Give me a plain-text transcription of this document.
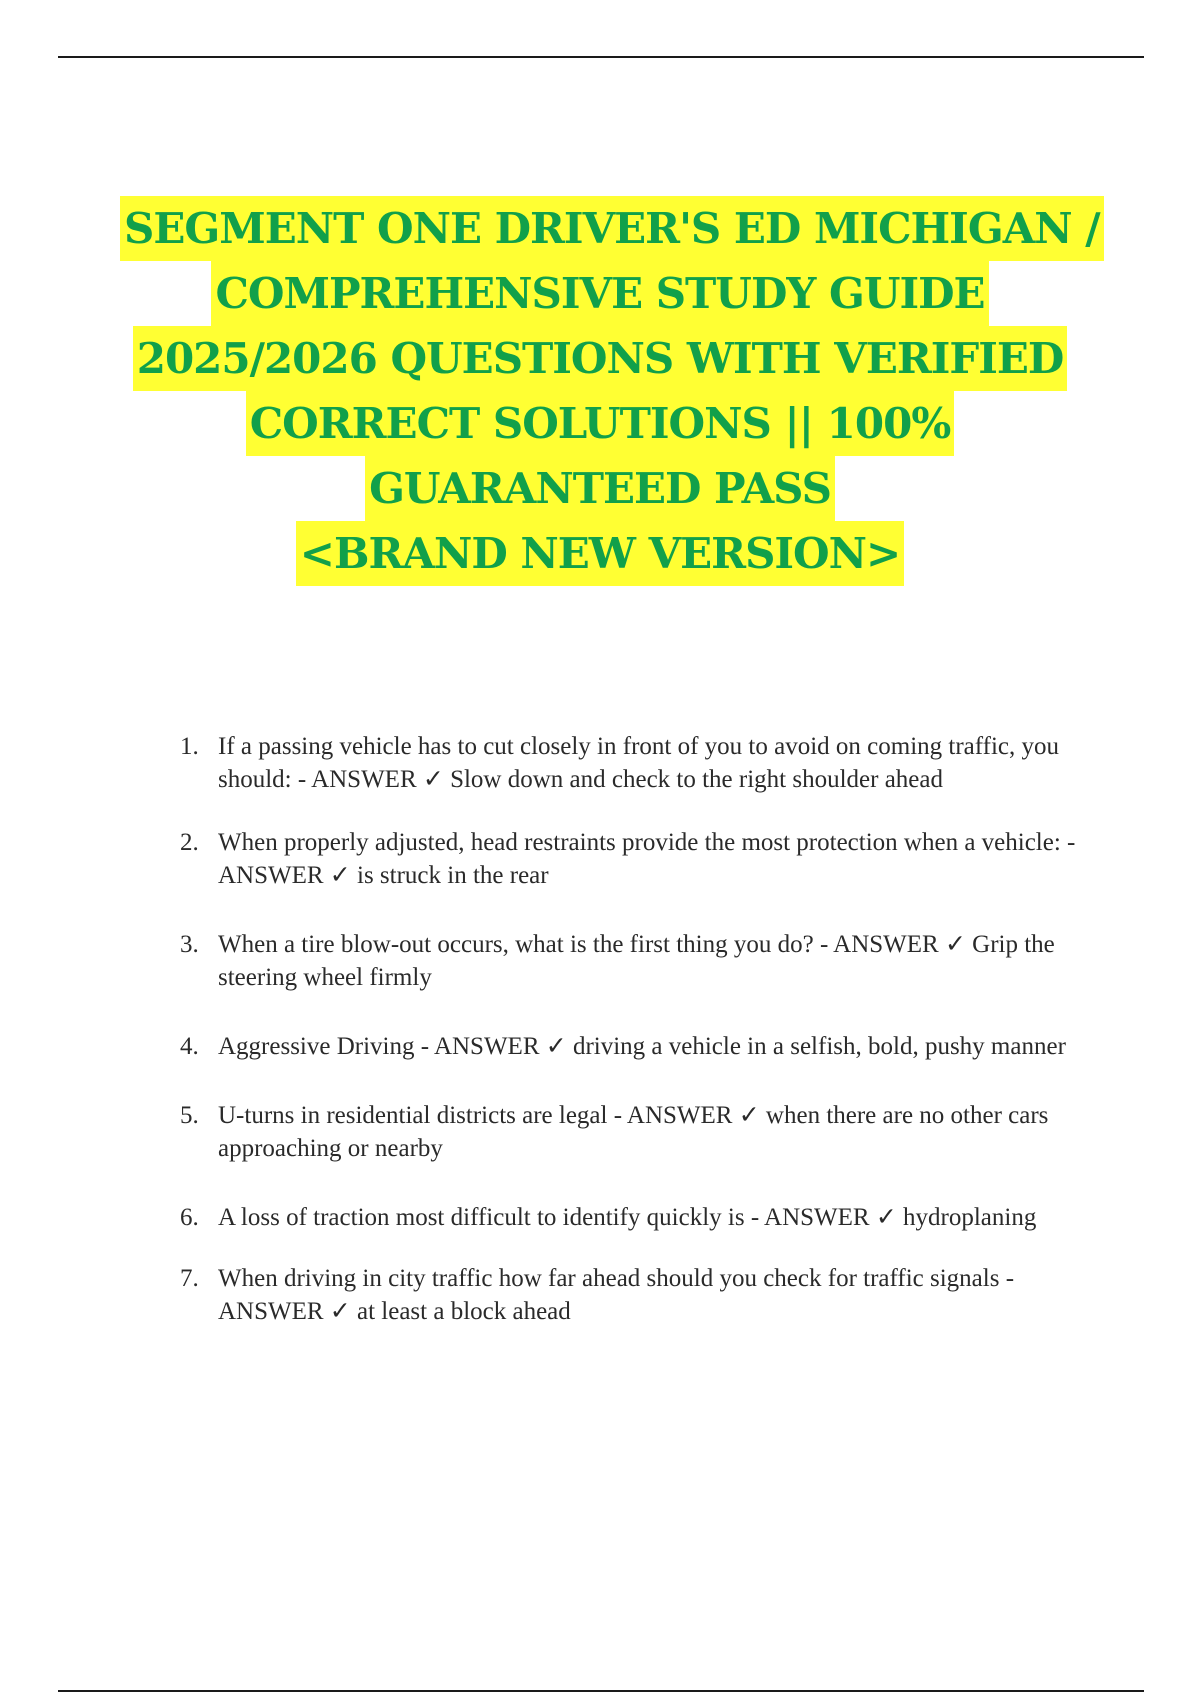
SEGMENT ONE DRIVER'S ED MICHIGAN /
COMPREHENSIVE STUDY GUIDE
2025/2026 QUESTIONS WITH VERIFIED
CORRECT SOLUTIONS || 100%
GUARANTEED PASS
<BRAND NEW VERSION>
1. If a passing vehicle has to cut closely in front of you to avoid on coming traffic, you should: - ANSWER ✓ Slow down and check to the right shoulder ahead
2. When properly adjusted, head restraints provide the most protection when a vehicle: - ANSWER ✓ is struck in the rear
3. When a tire blow-out occurs, what is the first thing you do? - ANSWER ✓ Grip the steering wheel firmly
4. Aggressive Driving - ANSWER ✓ driving a vehicle in a selfish, bold, pushy manner
5. U-turns in residential districts are legal - ANSWER ✓ when there are no other cars approaching or nearby
6. A loss of traction most difficult to identify quickly is - ANSWER ✓ hydroplaning
7. When driving in city traffic how far ahead should you check for traffic signals - ANSWER ✓ at least a block ahead
